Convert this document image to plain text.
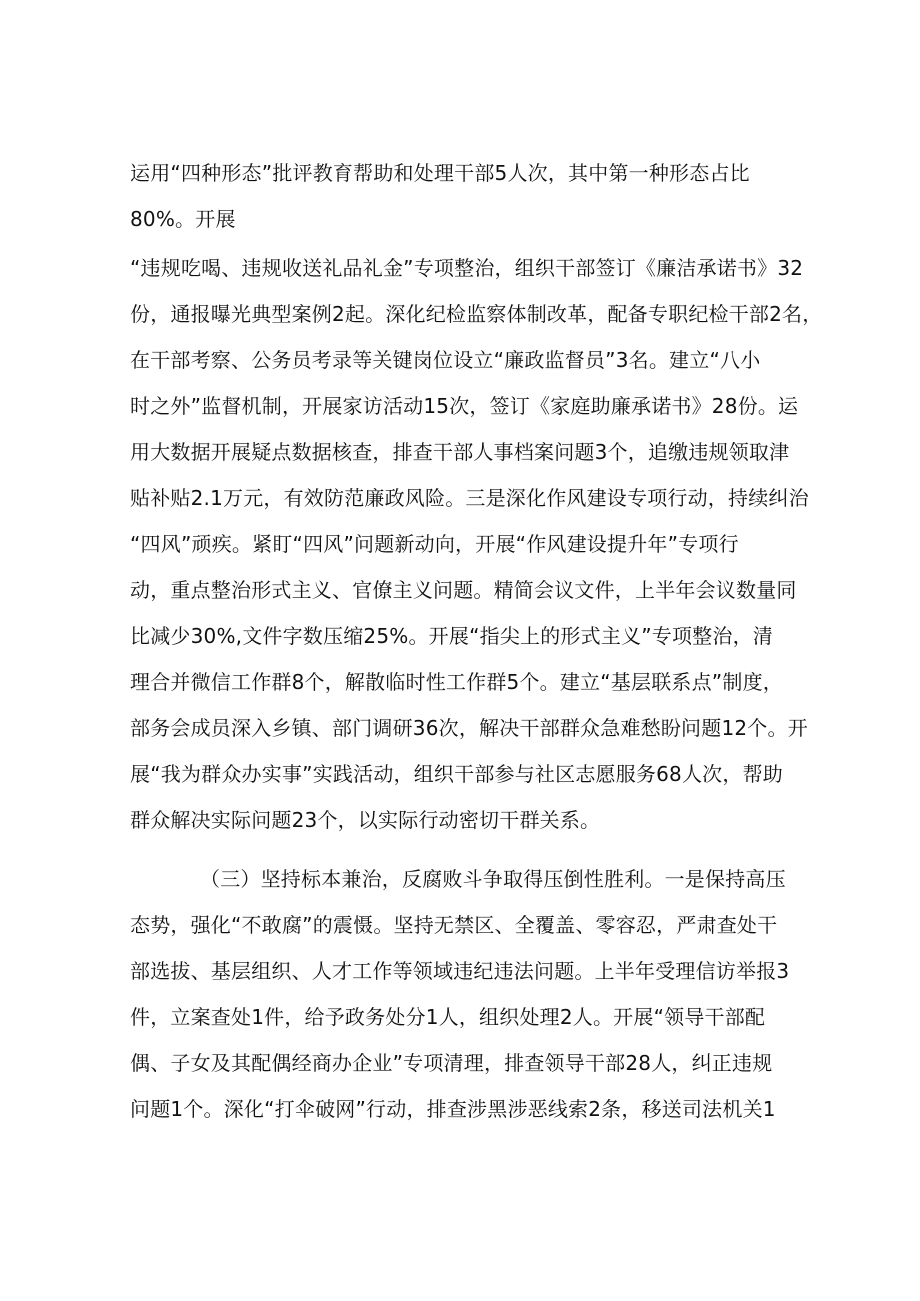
运用“四种形态”批评教育帮助和处理干部5人次，其中第一种形态占比
80%。开展
“违规吃喝、违规收送礼品礼金”专项整治，组织干部签订《廉洁承诺书》32
份，通报曝光典型案例2起。深化纪检监察体制改革，配备专职纪检干部2名，
在干部考察、公务员考录等关键岗位设立“廉政监督员”3名。建立“八小
时之外”监督机制，开展家访活动15次，签订《家庭助廉承诺书》28份。运
用大数据开展疑点数据核查，排查干部人事档案问题3个，追缴违规领取津
贴补贴2.1万元，有效防范廉政风险。三是深化作风建设专项行动，持续纠治
“四风”顽疾。紧盯“四风”问题新动向，开展“作风建设提升年”专项行
动，重点整治形式主义、官僚主义问题。精简会议文件，上半年会议数量同
比减少30%,文件字数压缩25%。开展“指尖上的形式主义”专项整治，清
理合并微信工作群8个，解散临时性工作群5个。建立“基层联系点”制度，
部务会成员深入乡镇、部门调研36次，解决干部群众急难愁盼问题12个。开
展“我为群众办实事”实践活动，组织干部参与社区志愿服务68人次，帮助
群众解决实际问题23个，以实际行动密切干群关系。
（三）坚持标本兼治，反腐败斗争取得压倒性胜利。一是保持高压
态势，强化“不敢腐”的震慑。坚持无禁区、全覆盖、零容忍，严肃查处干
部选拔、基层组织、人才工作等领域违纪违法问题。上半年受理信访举报3
件，立案查处1件，给予政务处分1人，组织处理2人。开展“领导干部配
偶、子女及其配偶经商办企业”专项清理，排查领导干部28人，纠正违规
问题1个。深化“打伞破网”行动，排查涉黑涉恶线索2条，移送司法机关1
